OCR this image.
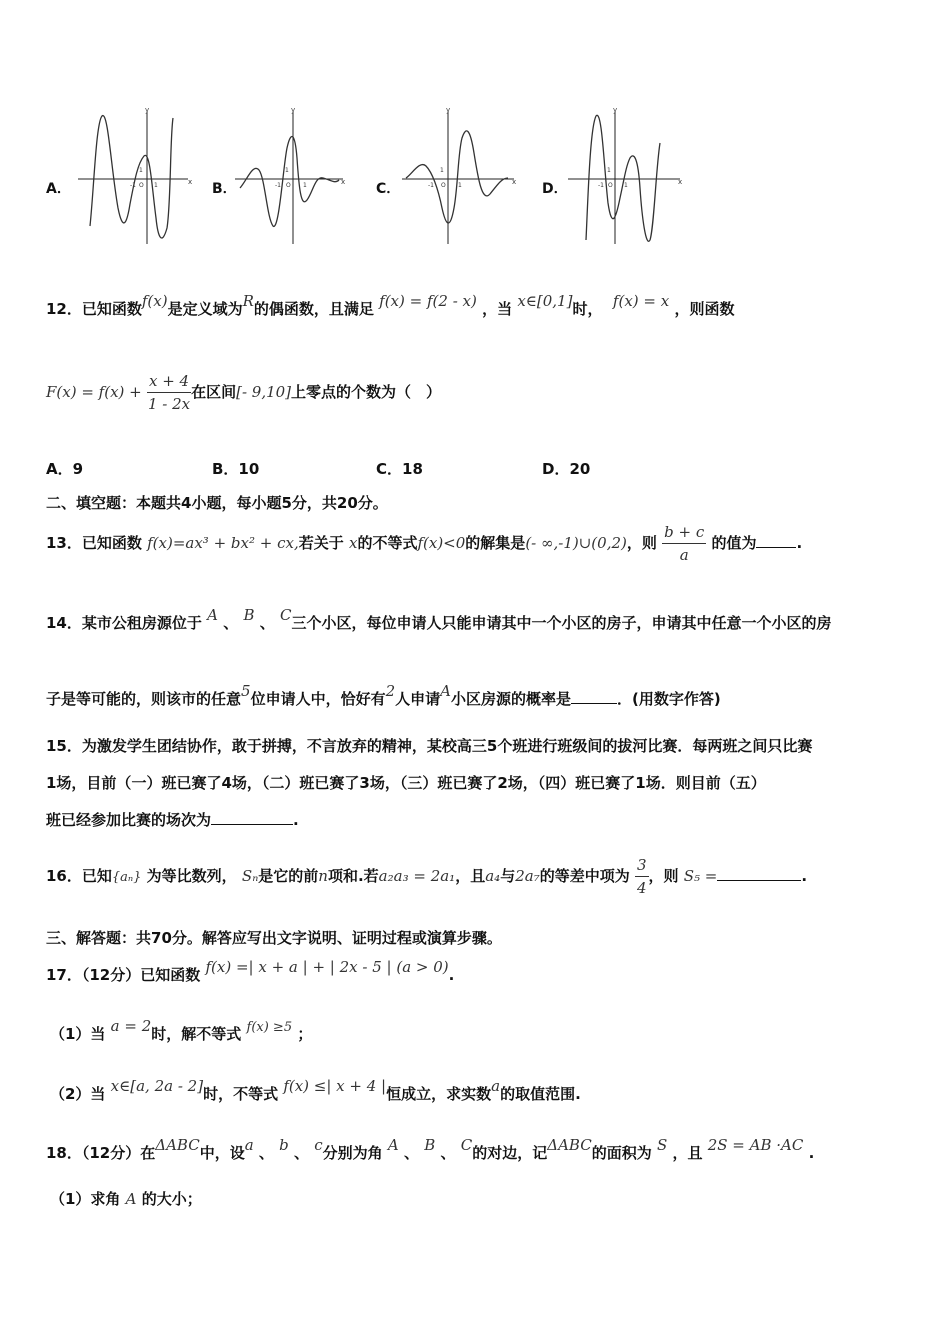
A．	x
y
-1 O
1
1	B．	x
y
-1 O
1
1	C．	x
y
-1 O
1
1	D．	x
y
-1 O
1
1
12．已知函数f(x)是定义域为R的偶函数，且满足 f(x) = f(2 - x) ，当 x∈[0,1]时， f(x) = x ，则函数
$F(x) = f(x) + \frac{x + 4}{1 - 2x}$ 在区间[- 9,10]上零点的个数为（　）
A．9	B．10	C．18	D．20
二、填空题：本题共4小题，每小题5分，共20分。
13．已知函数 f(x)=ax³ + bx² + cx,若关于 x的不等式f(x)<0的解集是(- ∞,-1)∪(0,2)，则 $\frac{b + c}{a}$ 的值为	.
14．某市公租房源位于 A 、 B 、 C三个小区，每位申请人只能申请其中一个小区的房子，申请其中任意一个小区的房
子是等可能的，则该市的任意5位申请人中，恰好有2人申请A小区房源的概率是	．(用数字作答)
15．为激发学生团结协作，敢于拼搏，不言放弃的精神，某校高三5个班进行班级间的拔河比赛．每两班之间只比赛
1场，目前（一）班已赛了4场，（二）班已赛了3场，（三）班已赛了2场，（四）班已赛了1场．则目前（五）
班已经参加比赛的场次为	.
16．已知{aₙ} 为等比数列， Sₙ是它的前n项和.若a₂a₃ = 2a₁，且a₄与2a₇的等差中项为 $\frac{3}{4}$ ，则 S₅ =	.
三、解答题：共70分。解答应写出文字说明、证明过程或演算步骤。
17．（12分）已知函数 f(x) =| x + a | + | 2x - 5 | (a > 0).
（1）当 a = 2时，解不等式 f(x) ≥5 ；
（2）当 x∈[a, 2a - 2]时，不等式 f(x) ≤| x + 4 |恒成立，求实数a的取值范围.
18．（12分）在ΔABC中，设a 、 b 、 c分别为角 A 、 B 、 C的对边，记ΔABC的面积为 S ，且 2S = AB ·AC .
（1）求角 A 的大小；
